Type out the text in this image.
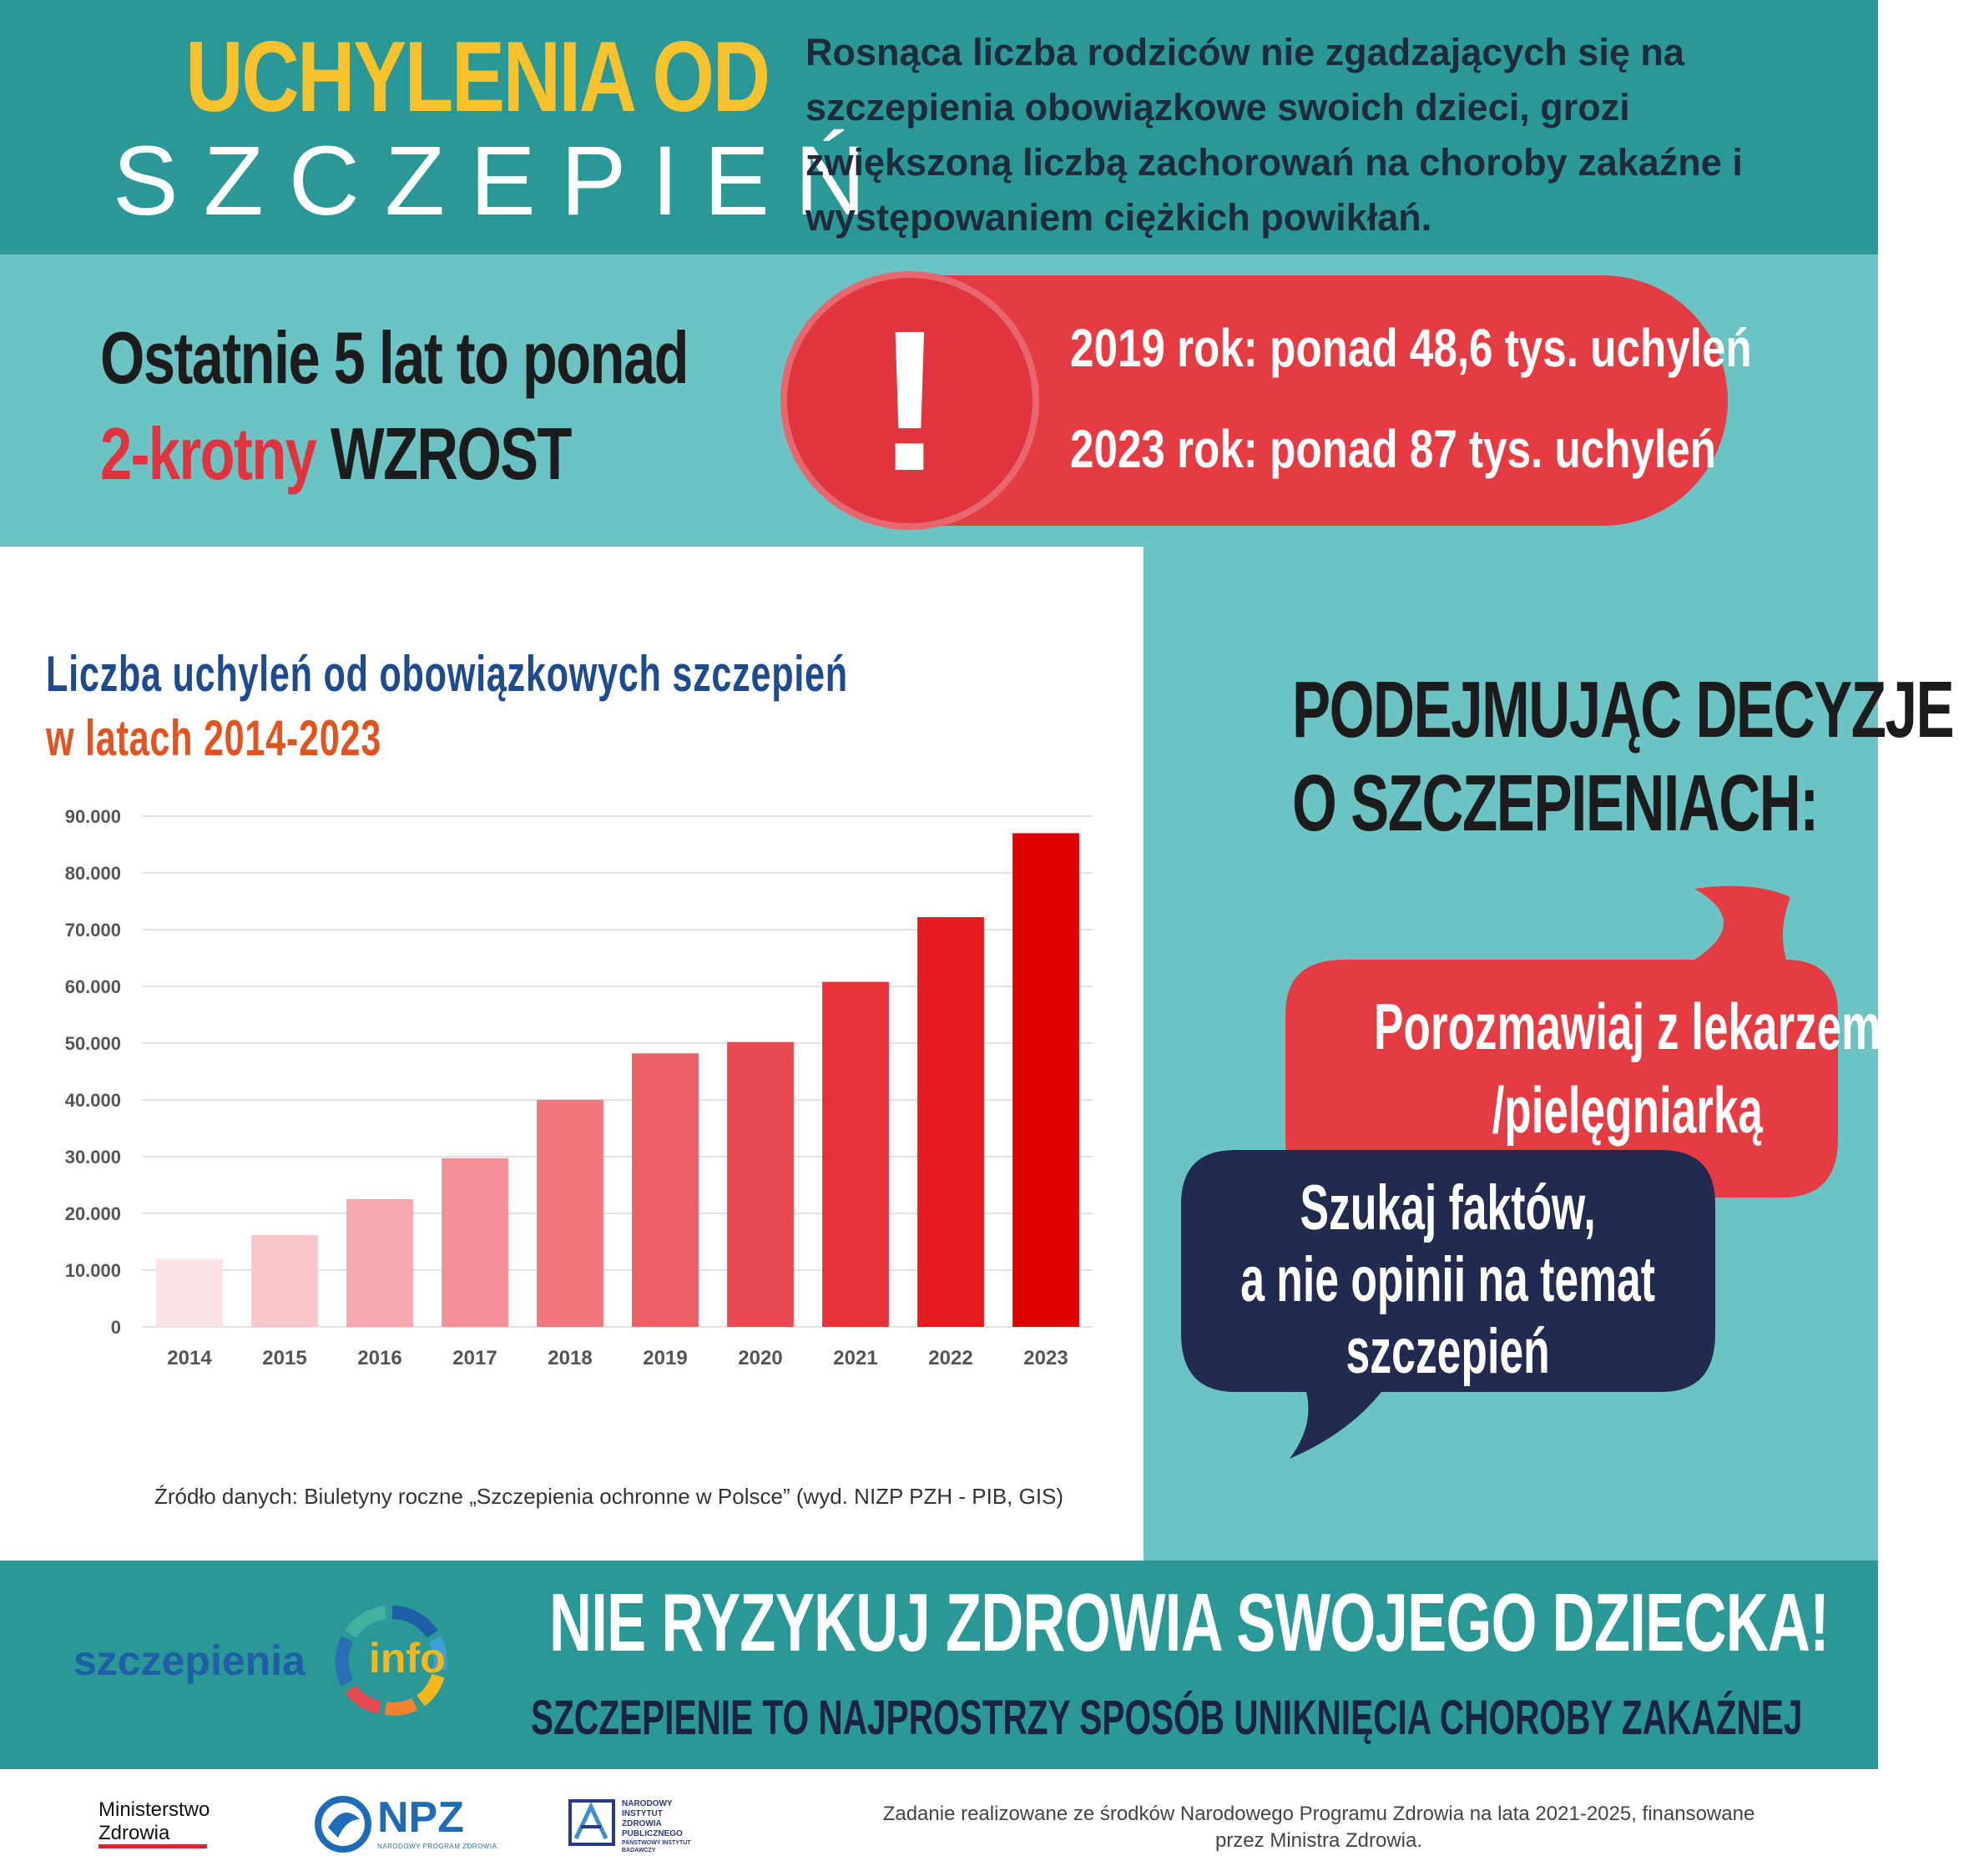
UCHYLENIA OD
SZCZEPIEŃ
Rosnąca liczba rodziców nie zgadzających się na szczepienia obowiązkowe swoich dzieci, grozi zwiększoną liczbą zachorowań na choroby zakaźne i występowaniem ciężkich powikłań.
Ostatnie 5 lat to ponad
2-krotny WZROST	!	2019 rok: ponad 48,6 tys. uchyleń
2023 rok: ponad 87 tys. uchyleń
PODEJMUJĄC DECYZJE
O SZCZEPIENIACH:
Porozmawiaj z lekarzem
/pielęgniarką
Szukaj faktów,
a nie opinii na temat
szczepień
Liczba uchyleń od obowiązkowych szczepień
w latach 2014-2023
0
10.000
20.000
30.000
40.000
50.000
60.000
70.000
80.000
90.000
2014	2015	2016	2017	2018	2019	2020	2021	2022	2023
Źródło danych: Biuletyny roczne „Szczepienia ochronne w Polsce” (wyd. NIZP PZH - PIB, GIS)
szczepienia info NIE RYZYKUJ ZDROWIA SWOJEGO DZIECKA!
SZCZEPIENIE TO NAJPROSTRZY SPOSÓB UNIKNIĘCIA CHOROBY ZAKAŹNEJ
Ministerstwo
Zdrowia	NPZ
NARODOWY PROGRAM ZDROWIA
NARODOWY
INSTYTUT
ZDROWIA
PUBLICZNEGO
PAŃSTWOWY INSTYTUT
BADAWCZY
Zadanie realizowane ze środków Narodowego Programu Zdrowia na lata 2021-2025, finansowane przez Ministra Zdrowia.
